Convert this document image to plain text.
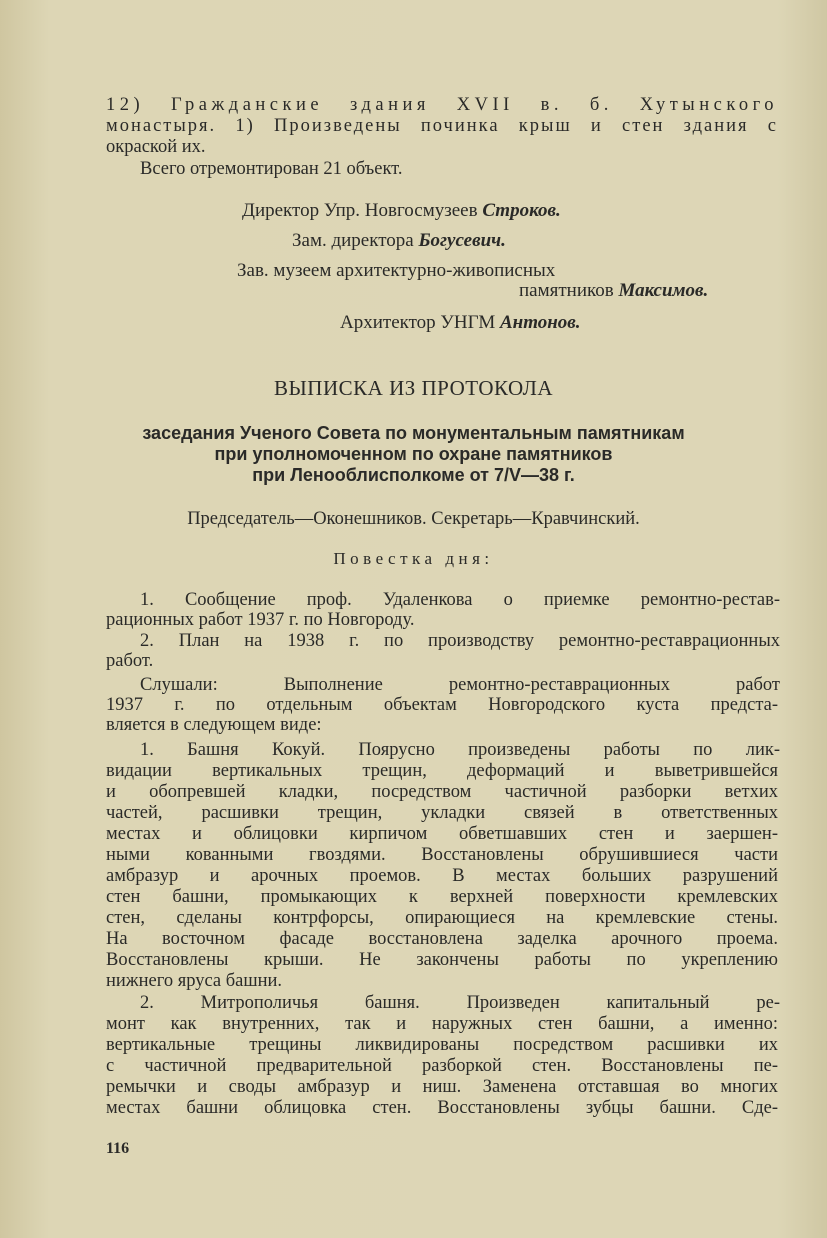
12) Гражданские здания XVII в. б. Хутынского
монастыря. 1) Произведены починка крыш и стен здания с
окраской их.
Всего отремонтирован 21 объект.
Директор Упр. Новгосмузеев Строков.
Зам. директора Богусевич.
Зав. музеем архитектурно-живописных
памятников Максимов.
Архитектор УНГМ Антонов.
ВЫПИСКА ИЗ ПРОТОКОЛА
заседания Ученого Совета по монументальным памятникам
при уполномоченном по охране памятников
при Ленооблисполкоме от 7/V—38 г.
Председатель—Оконешников. Секретарь—Кравчинский.
Повестка дня:
1. Сообщение проф. Удаленкова о приемке ремонтно-рестав-
рационных работ 1937 г. по Новгороду.
2. План на 1938 г. по производству ремонтно-реставрационных
работ.
Слушали: Выполнение ремонтно-реставрационных работ
1937 г. по отдельным объектам Новгородского куста предста-
вляется в следующем виде:
1. Башня Кокуй. Поярусно произведены работы по лик-
видации вертикальных трещин, деформаций и выветрившейся
и обопревшей кладки, посредством частичной разборки ветхих
частей, расшивки трещин, укладки связей в ответственных
местах и облицовки кирпичом обветшавших стен и заершен-
ными кованными гвоздями. Восстановлены обрушившиеся части
амбразур и арочных проемов. В местах больших разрушений
стен башни, промыкающих к верхней поверхности кремлевских
стен, сделаны контрфорсы, опирающиеся на кремлевские стены.
На восточном фасаде восстановлена заделка арочного проема.
Восстановлены крыши. Не закончены работы по укреплению
нижнего яруса башни.
2. Митрополичья башня. Произведен капитальный ре-
монт как внутренних, так и наружных стен башни, а именно:
вертикальные трещины ликвидированы посредством расшивки их
с частичной предварительной разборкой стен. Восстановлены пе-
ремычки и своды амбразур и ниш. Заменена отставшая во многих
местах башни облицовка стен. Восстановлены зубцы башни. Сде-
116
